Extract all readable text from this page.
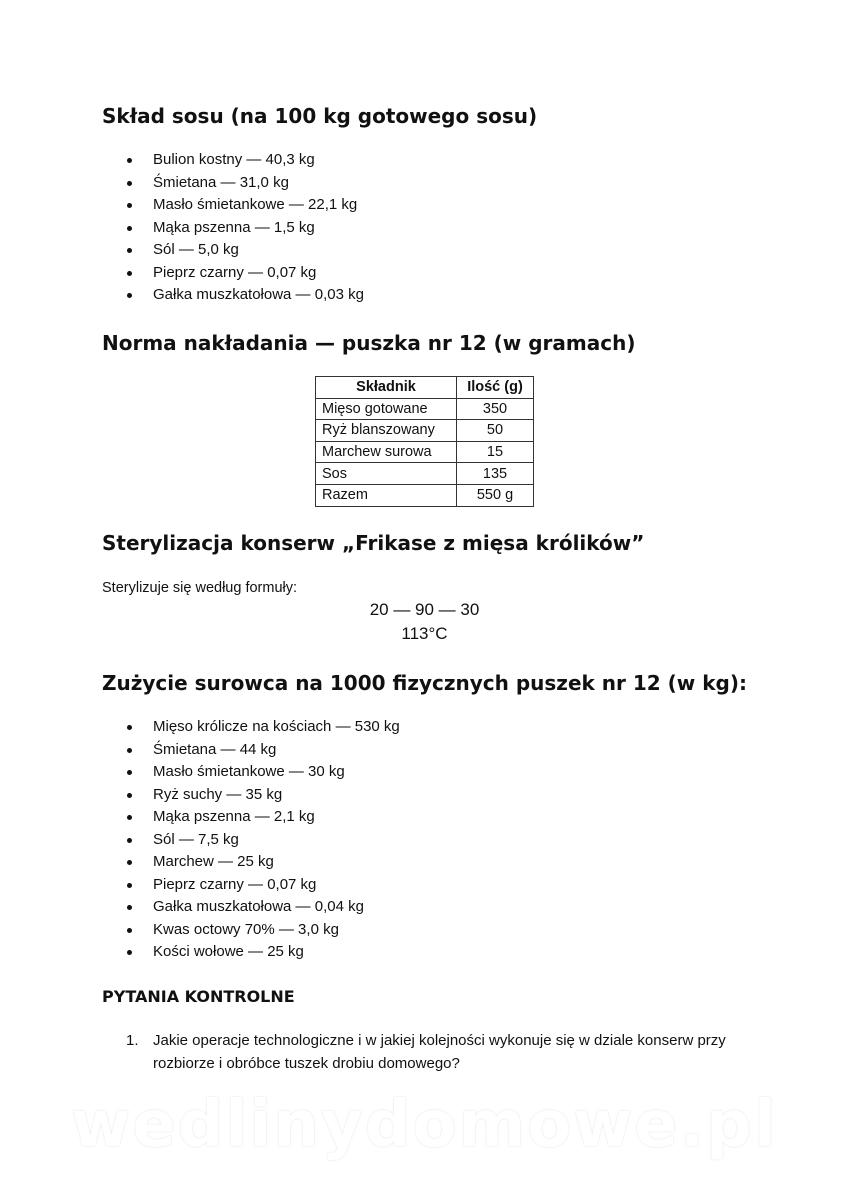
Skład sosu (na 100 kg gotowego sosu)
Bulion kostny — 40,3 kg
Śmietana — 31,0 kg
Masło śmietankowe — 22,1 kg
Mąka pszenna — 1,5 kg
Sól — 5,0 kg
Pieprz czarny — 0,07 kg
Gałka muszkatołowa — 0,03 kg
Norma nakładania — puszka nr 12 (w gramach)
Składnik	Ilość (g)
Mięso gotowane	350
Ryż blanszowany	50
Marchew surowa	15
Sos	135
Razem	550 g
Sterylizacja konserw „Frikase z mięsa królików”
Sterylizuje się według formuły:
20 — 90 — 30
113°C
Zużycie surowca na 1000 fizycznych puszek nr 12 (w kg):
Mięso królicze na kościach — 530 kg
Śmietana — 44 kg
Masło śmietankowe — 30 kg
Ryż suchy — 35 kg
Mąka pszenna — 2,1 kg
Sól — 7,5 kg
Marchew — 25 kg
Pieprz czarny — 0,07 kg
Gałka muszkatołowa — 0,04 kg
Kwas octowy 70% — 3,0 kg
Kości wołowe — 25 kg
PYTANIA KONTROLNE
1. Jakie operacje technologiczne i w jakiej kolejności wykonuje się w dziale konserw przy rozbiorze i obróbce tuszek drobiu domowego?
wedlinydomowe.pl
